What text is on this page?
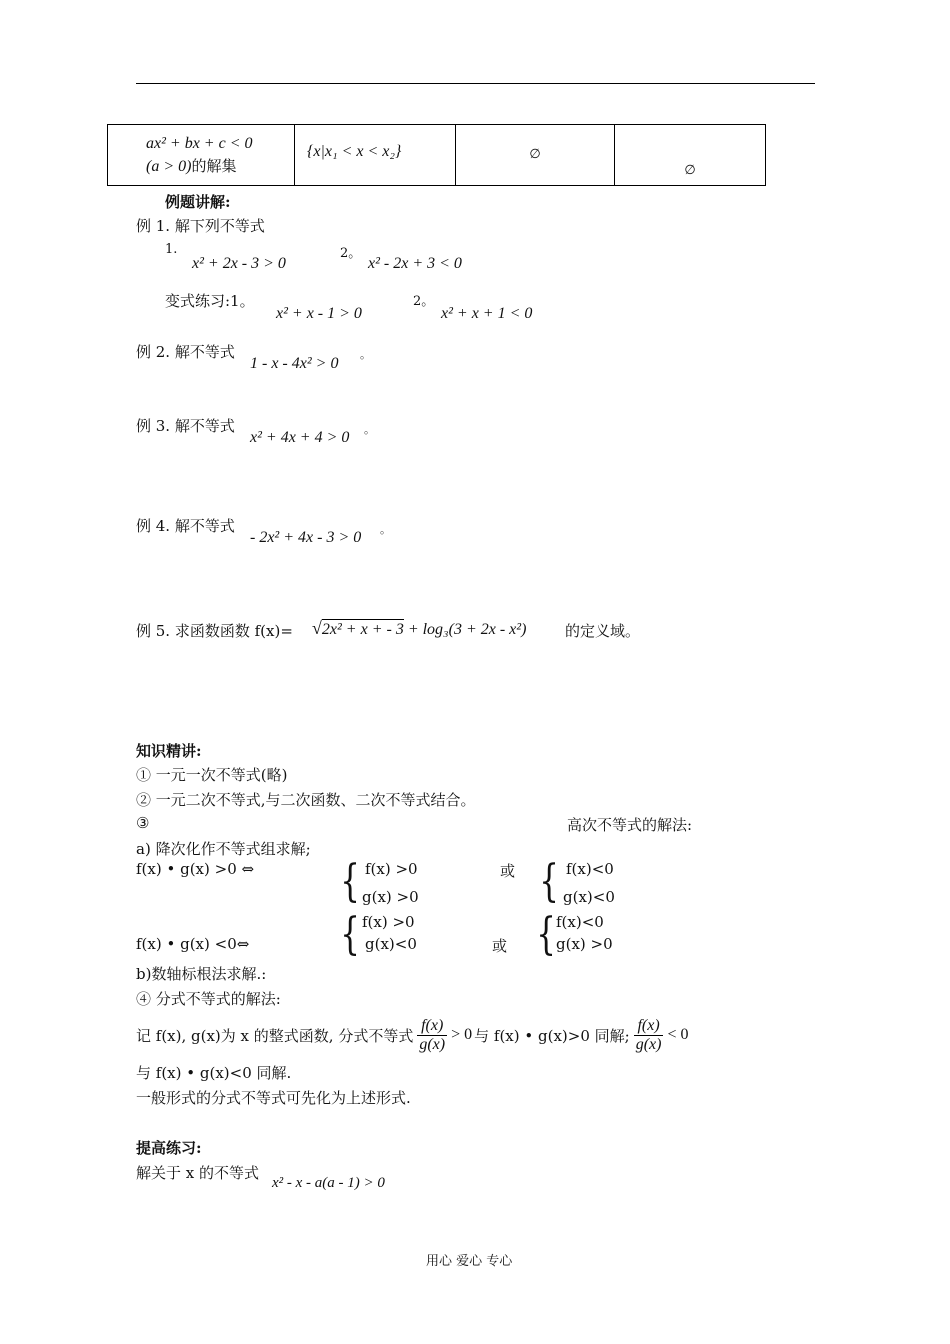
ax² + bx + c < 0
(a > 0)的解集

{x|x₁ < x < x₂}	∅	∅
例题讲解:
例 1. 解下列不等式
1.
x² + 2x - 3 > 0
2。
x² - 2x + 3 < 0
变式练习:1。
x² + x - 1 > 0
2。
x² + x + 1 < 0
例 2. 解不等式
1 - x - 4x² > 0
。
例 3. 解不等式
x² + 4x + 4 > 0 。
例 4. 解不等式
- 2x² + 4x - 3 > 0 。
例 5. 求函数函数 f(x)= √2x² + x + - 3 + log₃(3 + 2x - x²)	的定义域。
知识精讲:
① 一元一次不等式(略)
② 一元二次不等式,与二次函数、二次不等式结合。
③	高次不等式的解法:
a) 降次化作不等式组求解;
f(x) • g(x) >0 ⇔ { f(x) >0
g(x) >0
或 { f(x)<0
g(x)<0
{ f(x) >0
g(x)<0
f(x) • g(x) <0⇔	或 { f(x)<0
g(x) >0
b)数轴标根法求解.:
④ 分式不等式的解法:
记 f(x), g(x)为 x 的整式函数, 分式不等式 $\frac{f(x)}{g(x)} > 0$ 与 f(x) • g(x)>0 同解; $\frac{f(x)}{g(x)} < 0$
与 f(x) • g(x)<0 同解.
一般形式的分式不等式可先化为上述形式.
提高练习:
解关于 x 的不等式
x² - x - a(a - 1) > 0
用心 爱心 专心
